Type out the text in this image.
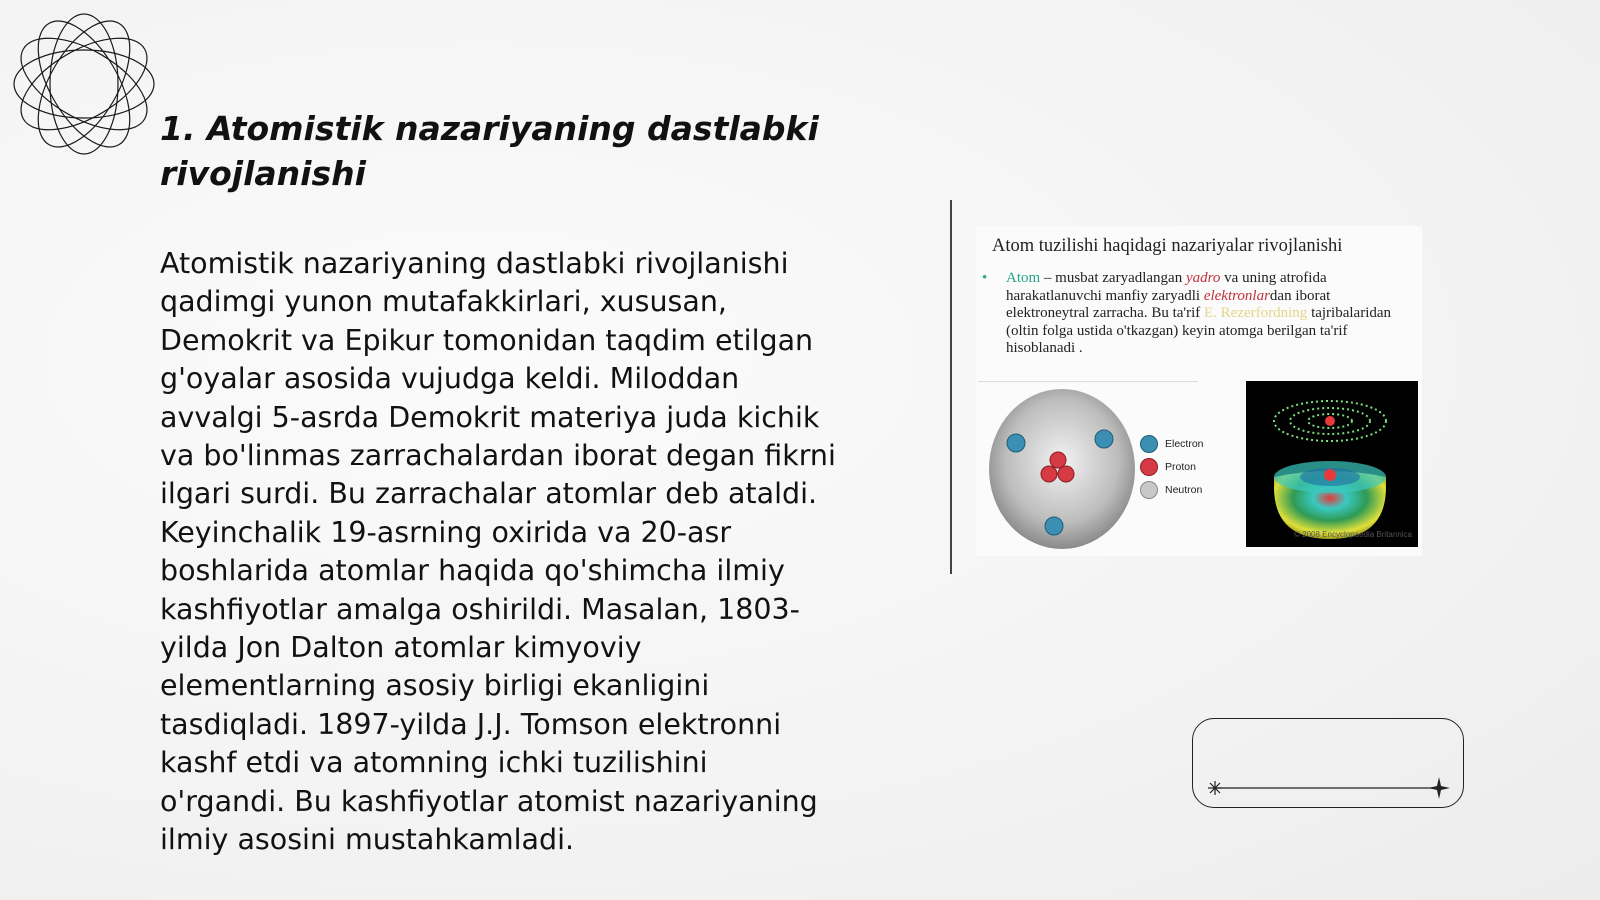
1. Atomistik nazariyaning dastlabki rivojlanishi

Atomistik nazariyaning dastlabki rivojlanishi qadimgi yunon mutafakkirlari, xususan, Demokrit va Epikur tomonidan taqdim etilgan g'oyalar asosida vujudga keldi. Miloddan avvalgi 5-asrda Demokrit materiya juda kichik va bo'linmas zarrachalardan iborat degan fikrni ilgari surdi. Bu zarrachalar atomlar deb ataldi. Keyinchalik 19-asrning oxirida va 20-asr boshlarida atomlar haqida qo'shimcha ilmiy kashfiyotlar amalga oshirildi. Masalan, 1803-yilda Jon Dalton atomlar kimyoviy elementlarning asosiy birligi ekanligini tasdiqladi. 1897-yilda J.J. Tomson elektronni kashf etdi va atomning ichki tuzilishini o'rgandi. Bu kashfiyotlar atomist nazariyaning ilmiy asosini mustahkamladi.

Atom tuzilishi haqidagi nazariyalar rivojlanishi
• Atom – musbat zaryadlangan yadro va uning atrofida harakatlanuvchi manfiy zaryadli elektronlardan iborat elektroneytral zarracha. Bu ta'rif E. Rezerfordning tajribalaridan (oltin folga ustida o'tkazgan) keyin atomga berilgan ta'rif hisoblanadi .
Electron
Proton
Neutron
© 2008 Encyclopaedia Britannica
